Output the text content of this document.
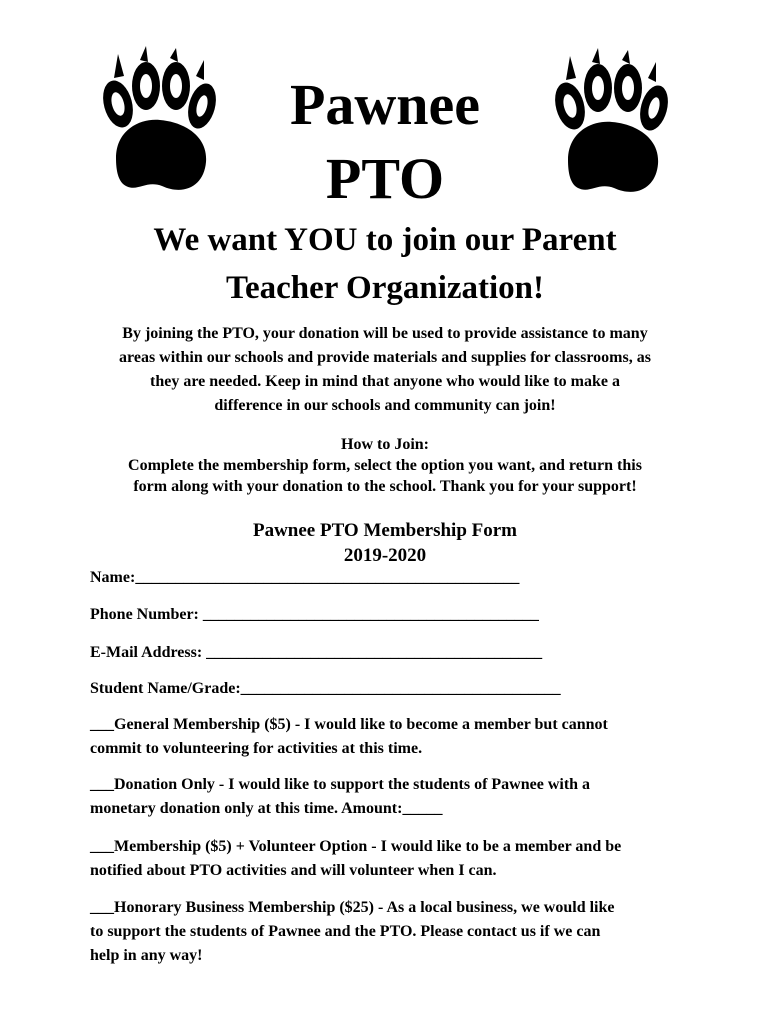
Pawnee
PTO
We want YOU to join our Parent
Teacher Organization!
By joining the PTO, your donation will be used to provide assistance to many
areas within our schools and provide materials and supplies for classrooms, as
they are needed. Keep in mind that anyone who would like to make a
difference in our schools and community can join!
How to Join:
Complete the membership form, select the option you want, and return this
form along with your donation to the school. Thank you for your support!
Pawnee PTO Membership Form
2019-2020
Name:________________________________________________
Phone Number: __________________________________________
E-Mail Address: __________________________________________
Student Name/Grade:________________________________________
___General Membership ($5) - I would like to become a member but cannot
commit to volunteering for activities at this time.
___Donation Only - I would like to support the students of Pawnee with a
monetary donation only at this time. Amount:_____
___Membership ($5) + Volunteer Option - I would like to be a member and be
notified about PTO activities and will volunteer when I can.
___Honorary Business Membership ($25) - As a local business, we would like
to support the students of Pawnee and the PTO. Please contact us if we can
help in any way!
